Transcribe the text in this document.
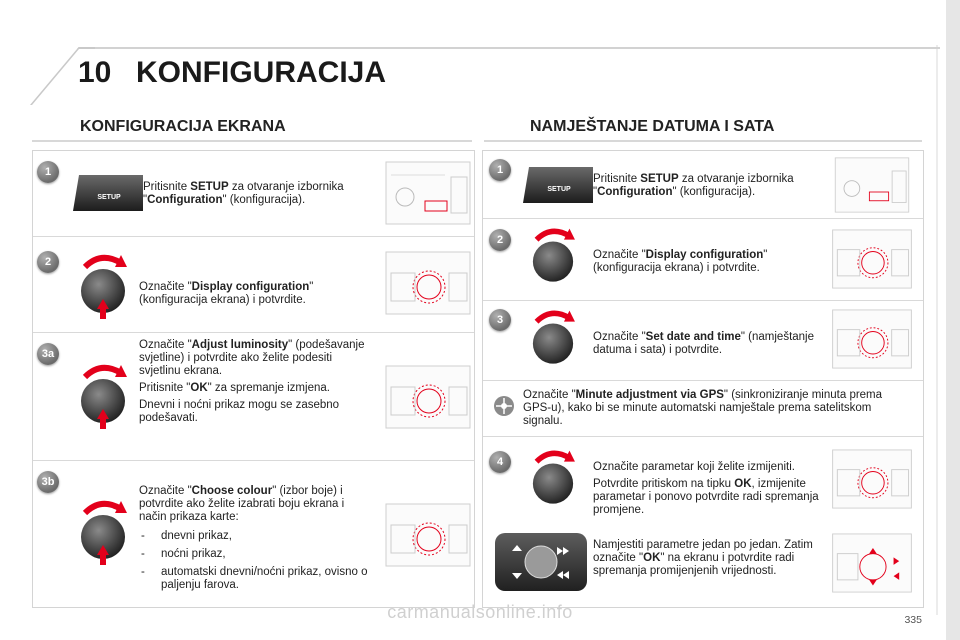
10 KONFIGURACIJA
KONFIGURACIJA EKRANA
1
SETUP

Pritisnite SETUP za otvaranje izbornika "Configuration" (konfiguracija).

2

Označite "Display configuration" (konfiguracija ekrana) i potvrdite.

3a

Označite "Adjust luminosity" (podešavanje svjetline) i potvrdite ako želite podesiti svjetlinu ekrana.

Pritisnite "OK" za spremanje izmjena.

Dnevni i noćni prikaz mogu se zasebno podešavati.

3b

Označite "Choose colour" (izbor boje) i potvrdite ako želite izabrati boju ekrana i način prikaza karte:

- dnevni prikaz,
- noćni prikaz,
- automatski dnevni/noćni prikaz, ovisno o paljenju farova.
NAMJEŠTANJE DATUMA I SATA
1
SETUP

Pritisnite SETUP za otvaranje izbornika "Configuration" (konfiguracija).

2

Označite "Display configuration" (konfiguracija ekrana) i potvrdite.

3

Označite "Set date and time" (namještanje datuma i sata) i potvrdite.

Označite "Minute adjustment via GPS" (sinkroniziranje minuta prema GPS-u), kako bi se minute automatski namještale prema satelitskom signalu.

4	Označite parametar koji želite izmijeniti.

Potvrdite pritiskom na tipku OK, izmijenite parametar i ponovo potvrdite radi spremanja promjene.

Namjestiti parametre jedan po jedan. Zatim označite "OK" na ekranu i potvrdite radi spremanja promijenjenih vrijednosti.

carmanualsonline.info	335
